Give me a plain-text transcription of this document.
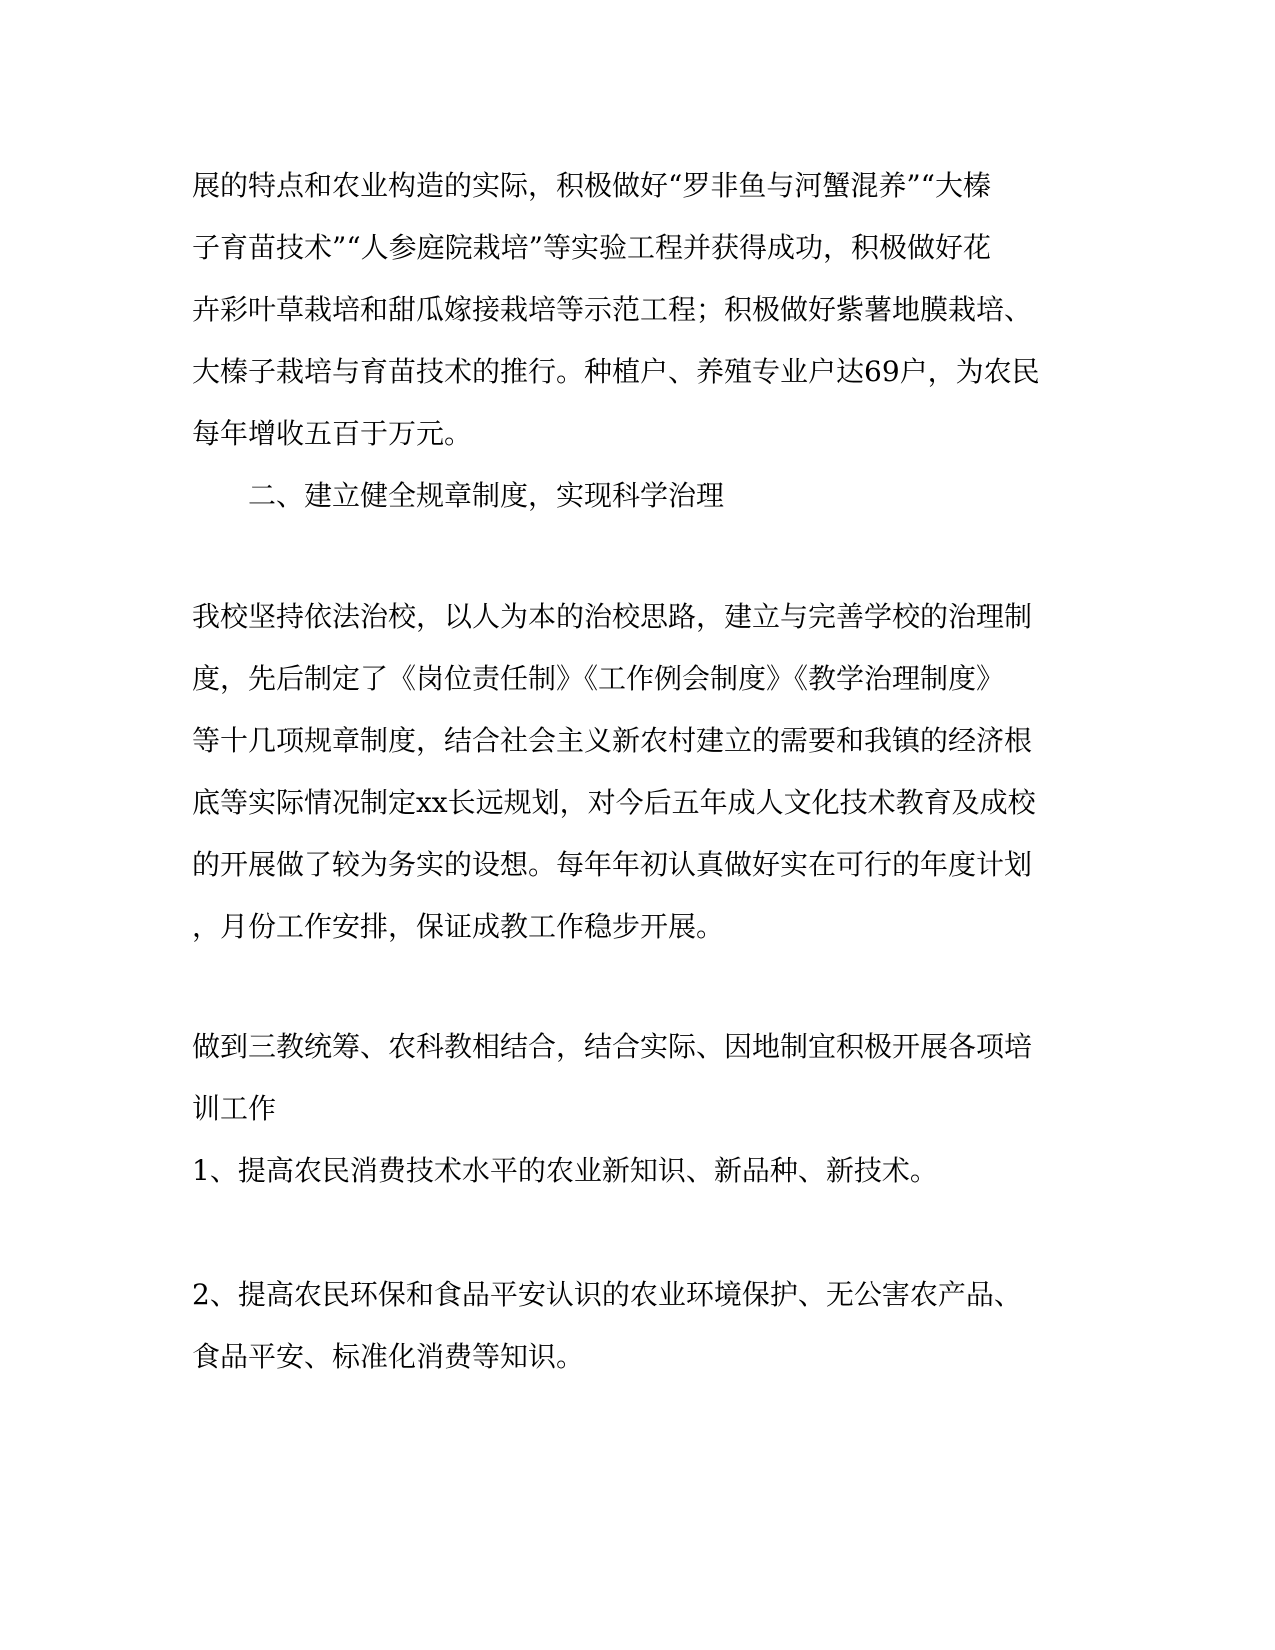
展的特点和农业构造的实际，积极做好“罗非鱼与河蟹混养”“大榛

子育苗技术”“人参庭院栽培”等实验工程并获得成功，积极做好花

卉彩叶草栽培和甜瓜嫁接栽培等示范工程；积极做好紫薯地膜栽培、

大榛子栽培与育苗技术的推行。种植户、养殖专业户达69户，为农民

每年增收五百于万元。

二、建立健全规章制度，实现科学治理

我校坚持依法治校，以人为本的治校思路，建立与完善学校的治理制

度，先后制定了《岗位责任制》《工作例会制度》《教学治理制度》

等十几项规章制度，结合社会主义新农村建立的需要和我镇的经济根

底等实际情况制定xx长远规划，对今后五年成人文化技术教育及成校

的开展做了较为务实的设想。每年年初认真做好实在可行的年度计划

，月份工作安排，保证成教工作稳步开展。

做到三教统筹、农科教相结合，结合实际、因地制宜积极开展各项培

训工作

1、提高农民消费技术水平的农业新知识、新品种、新技术。

2、提高农民环保和食品平安认识的农业环境保护、无公害农产品、

食品平安、标准化消费等知识。
